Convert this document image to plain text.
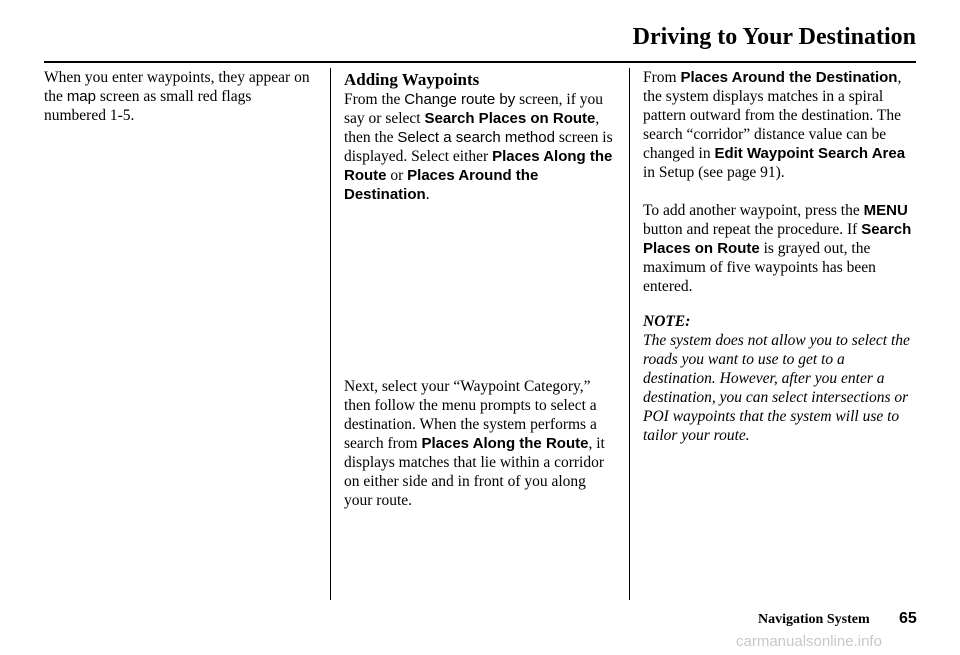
Driving to Your Destination

When you enter waypoints, they appear on the map screen as small red flags numbered 1-5.

Adding Waypoints

From the Change route by screen, if you say or select Search Places on Route, then the Select a search method screen is displayed. Select either Places Along the Route or Places Around the Destination.

Next, select your “Waypoint Category,” then follow the menu prompts to select a destination. When the system performs a search from Places Along the Route, it displays matches that lie within a corridor on either side and in front of you along your route.

From Places Around the Destination, the system displays matches in a spiral pattern outward from the destination. The search “corridor” distance value can be changed in Edit Waypoint Search Area in Setup (see page 91).

To add another waypoint, press the MENU button and repeat the procedure. If Search Places on Route is grayed out, the maximum of five waypoints has been entered.

NOTE:

The system does not allow you to select the roads you want to use to get to a destination. However, after you enter a destination, you can select intersections or POI waypoints that the system will use to tailor your route.

Navigation System 65
carmanualsonline.info
